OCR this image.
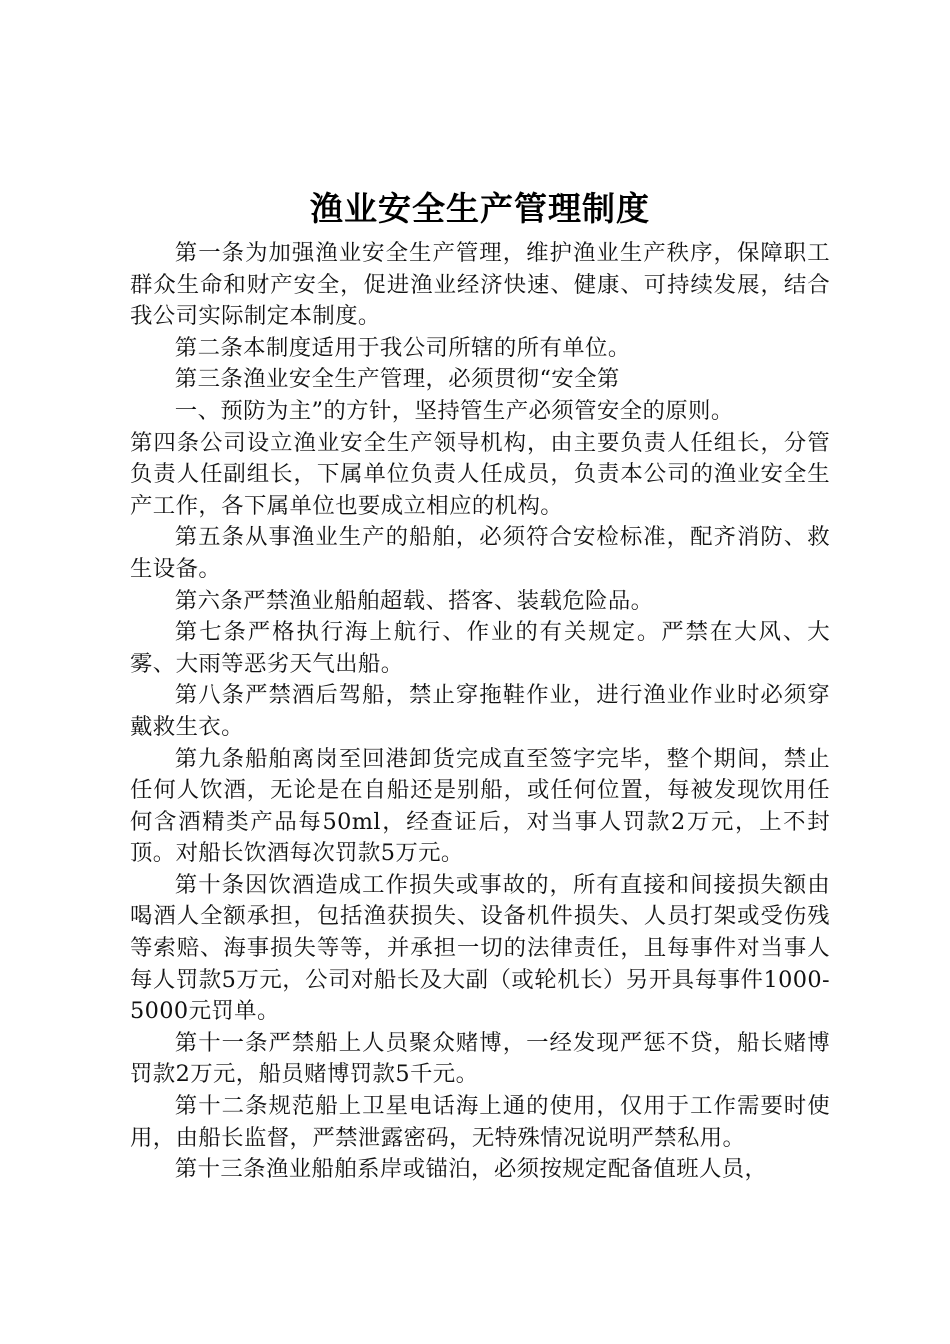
渔业安全生产管理制度

第一条为加强渔业安全生产管理，维护渔业生产秩序，保障职工群众生命和财产安全，促进渔业经济快速、健康、可持续发展，结合我公司实际制定本制度。

第二条本制度适用于我公司所辖的所有单位。

第三条渔业安全生产管理，必须贯彻“安全第

一、预防为主”的方针，坚持管生产必须管安全的原则。

第四条公司设立渔业安全生产领导机构，由主要负责人任组长，分管负责人任副组长，下属单位负责人任成员，负责本公司的渔业安全生产工作，各下属单位也要成立相应的机构。

第五条从事渔业生产的船舶，必须符合安检标准，配齐消防、救生设备。

第六条严禁渔业船舶超载、搭客、装载危险品。

第七条严格执行海上航行、作业的有关规定。严禁在大风、大雾、大雨等恶劣天气出船。

第八条严禁酒后驾船，禁止穿拖鞋作业，进行渔业作业时必须穿戴救生衣。

第九条船舶离岗至回港卸货完成直至签字完毕，整个期间，禁止任何人饮酒，无论是在自船还是别船，或任何位置，每被发现饮用任何含酒精类产品每50ml，经查证后，对当事人罚款2万元，上不封顶。对船长饮酒每次罚款5万元。

第十条因饮酒造成工作损失或事故的，所有直接和间接损失额由喝酒人全额承担，包括渔获损失、设备机件损失、人员打架或受伤残等索赔、海事损失等等，并承担一切的法律责任，且每事件对当事人每人罚款5万元，公司对船长及大副（或轮机长）另开具每事件1000-5000元罚单。

第十一条严禁船上人员聚众赌博，一经发现严惩不贷，船长赌博罚款2万元，船员赌博罚款5千元。

第十二条规范船上卫星电话海上通的使用，仅用于工作需要时使用，由船长监督，严禁泄露密码，无特殊情况说明严禁私用。

第十三条渔业船舶系岸或锚泊，必须按规定配备值班人员，
